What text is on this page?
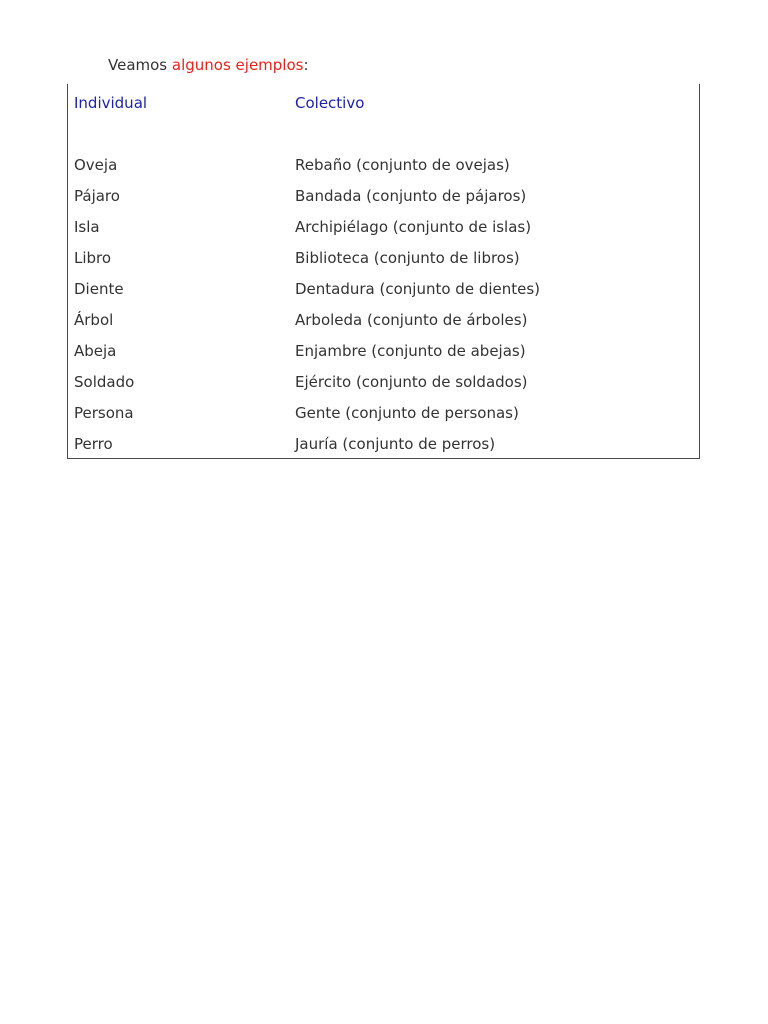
Veamos algunos ejemplos:
Individual	Colectivo
Oveja	Rebaño (conjunto de ovejas)
Pájaro	Bandada (conjunto de pájaros)
Isla	Archipiélago (conjunto de islas)
Libro	Biblioteca (conjunto de libros)
Diente	Dentadura (conjunto de dientes)
Árbol	Arboleda (conjunto de árboles)
Abeja	Enjambre (conjunto de abejas)
Soldado	Ejército (conjunto de soldados)
Persona	Gente (conjunto de personas)
Perro	Jauría (conjunto de perros)
